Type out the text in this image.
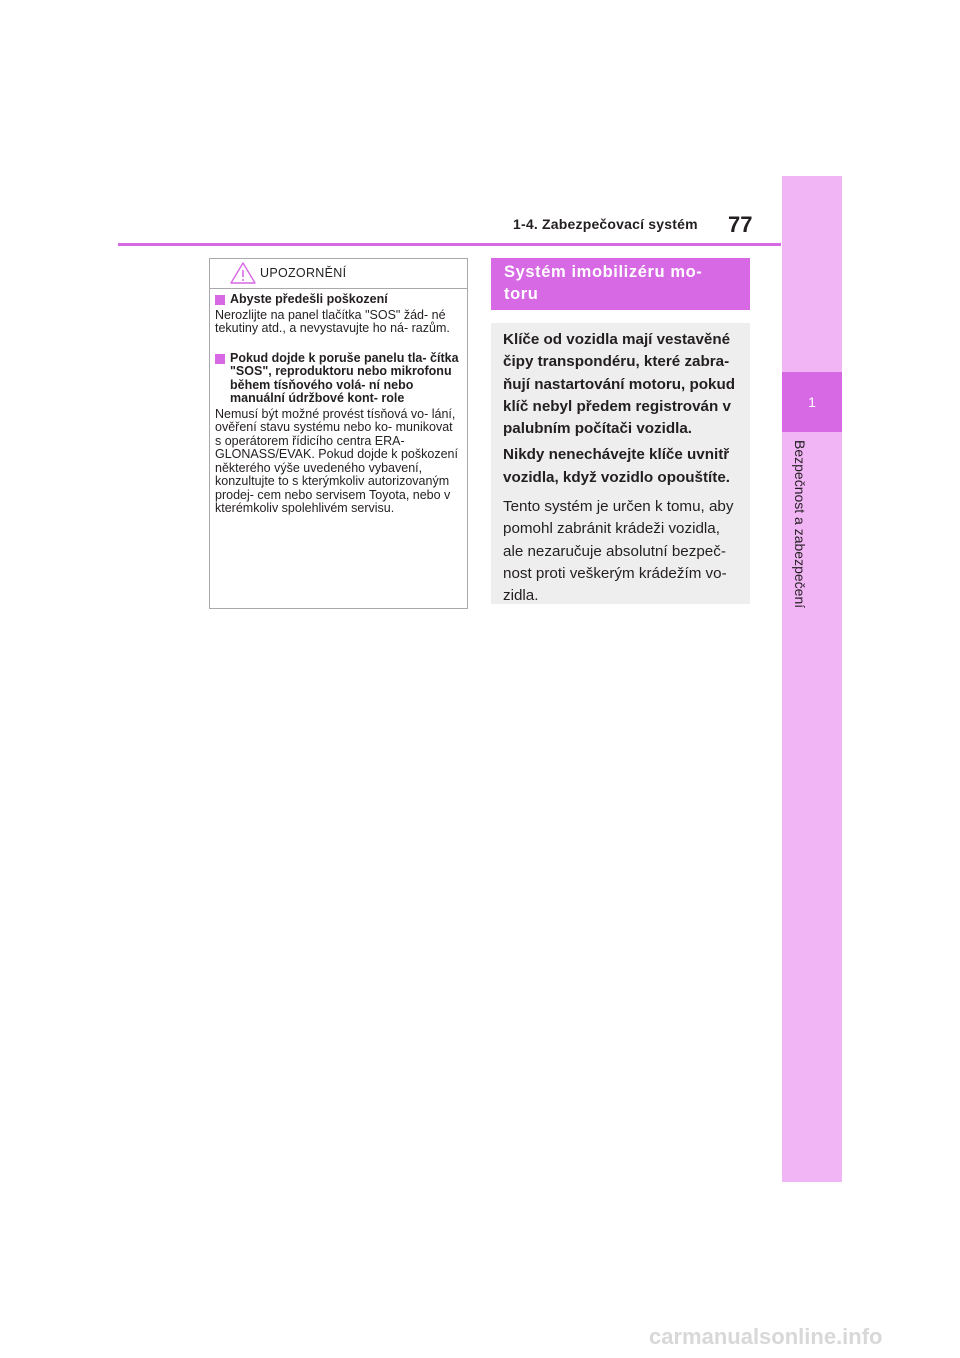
1-4. Zabezpečovací systém 77
1
Bezpečnost a zabezpečení
UPOZORNĚNÍ
Abyste předešli poškození

Nerozlijte na panel tlačítka "SOS" žád- né tekutiny atd., a nevystavujte ho ná- razům.

Pokud dojde k poruše panelu tla- čítka "SOS", reproduktoru nebo mikrofonu během tísňového volá- ní nebo manuální údržbové kont- role

Nemusí být možné provést tísňová vo- lání, ověření stavu systému nebo ko- munikovat s operátorem řídicího centra ERA-GLONASS/EVAK. Pokud dojde k poškození některého výše uvedeného vybavení, konzultujte to s kterýmkoliv autorizovaným prodej- cem nebo servisem Toyota, nebo v kterémkoliv spolehlivém servisu.

Systém imobilizéru mo- toru

Klíče od vozidla mají vestavěné čipy transpondéru, které zabra- ňují nastartování motoru, pokud klíč nebyl předem registrován v palubním počítači vozidla.

Nikdy nenechávejte klíče uvnitř vozidla, když vozidlo opouštíte.

Tento systém je určen k tomu, aby pomohl zabránit krádeži vozidla, ale nezaručuje absolutní bezpeč- nost proti veškerým krádežím vo- zidla.

carmanualsonline.info
